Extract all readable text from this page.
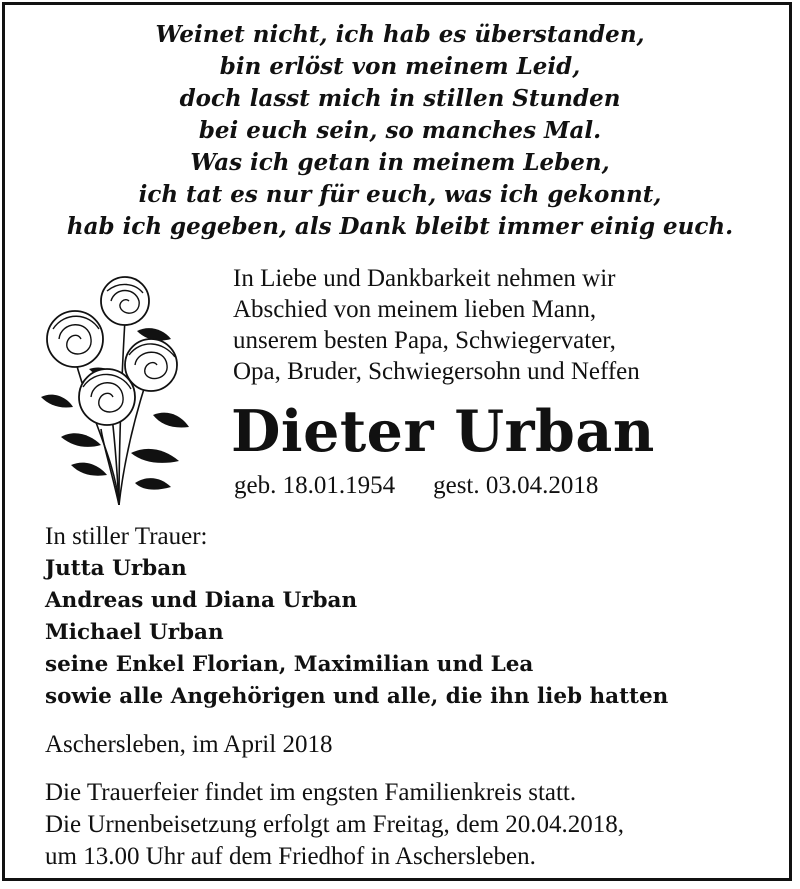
Weinet nicht, ich hab es überstanden,
bin erlöst von meinem Leid,
doch lasst mich in stillen Stunden
bei euch sein, so manches Mal.
Was ich getan in meinem Leben,
ich tat es nur für euch, was ich gekonnt,
hab ich gegeben, als Dank bleibt immer einig euch.
In Liebe und Dankbarkeit nehmen wir
Abschied von meinem lieben Mann,
unserem besten Papa, Schwiegervater,
Opa, Bruder, Schwiegersohn und Neffen
Dieter Urban
geb. 18.01.1954 gest. 03.04.2018
In stiller Trauer:
Jutta Urban
Andreas und Diana Urban
Michael Urban
seine Enkel Florian, Maximilian und Lea
sowie alle Angehörigen und alle, die ihn lieb hatten
Aschersleben, im April 2018
Die Trauerfeier findet im engsten Familienkreis statt.
Die Urnenbeisetzung erfolgt am Freitag, dem 20.04.2018,
um 13.00 Uhr auf dem Friedhof in Aschersleben.
